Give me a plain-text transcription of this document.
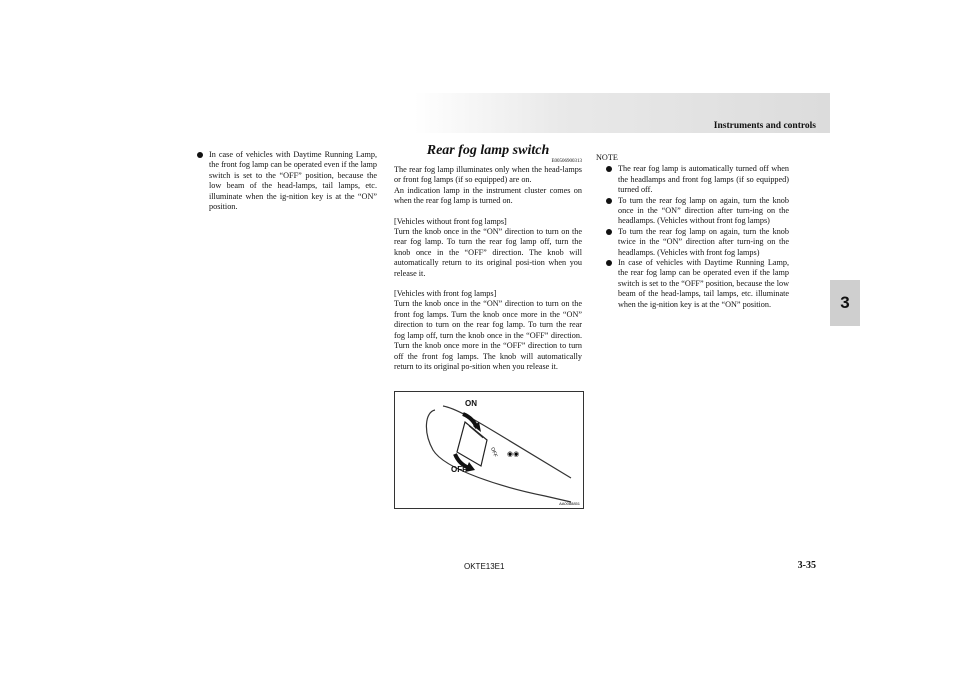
Instruments and controls
3

In case of vehicles with Daytime Running Lamp, the front fog lamp can be operated even if the lamp switch is set to the “OFF” position, because the low beam of the head-lamps, tail lamps, etc. illuminate when the ig-nition key is at the “ON” position.

Rear fog lamp switch

E00506900313

The rear fog lamp illuminates only when the head-lamps or front fog lamps (if so equipped) are on.

An indication lamp in the instrument cluster comes on when the rear fog lamp is turned on.

[Vehicles without front fog lamps]

Turn the knob once in the “ON” direction to turn on the rear fog lamp. To turn the rear fog lamp off, turn the knob once in the “OFF” direction. The knob will automatically return to its original posi-tion when you release it.

[Vehicles with front fog lamps]

Turn the knob once in the “ON” direction to turn on the front fog lamps. Turn the knob once more in the “ON” direction to turn on the rear fog lamp. To turn the rear fog lamp off, turn the knob once in the “OFF” direction. Turn the knob once more in the “OFF” direction to turn off the front fog lamps. The knob will automatically return to its original po-sition when you release it.

OFF ◉◉
ON
OFF
AA0088851

NOTE

The rear fog lamp is automatically turned off when the headlamps and front fog lamps (if so equipped) turned off.

To turn the rear fog lamp on again, turn the knob once in the “ON” direction after turn-ing on the headlamps. (Vehicles without front fog lamps)

To turn the rear fog lamp on again, turn the knob twice in the “ON” direction after turn-ing on the headlamps. (Vehicles with front fog lamps)

In case of vehicles with Daytime Running Lamp, the rear fog lamp can be operated even if the lamp switch is set to the “OFF” position, because the low beam of the head-lamps, tail lamps, etc. illuminate when the ig-nition key is at the “ON” position.

OKTE13E1	3-35
